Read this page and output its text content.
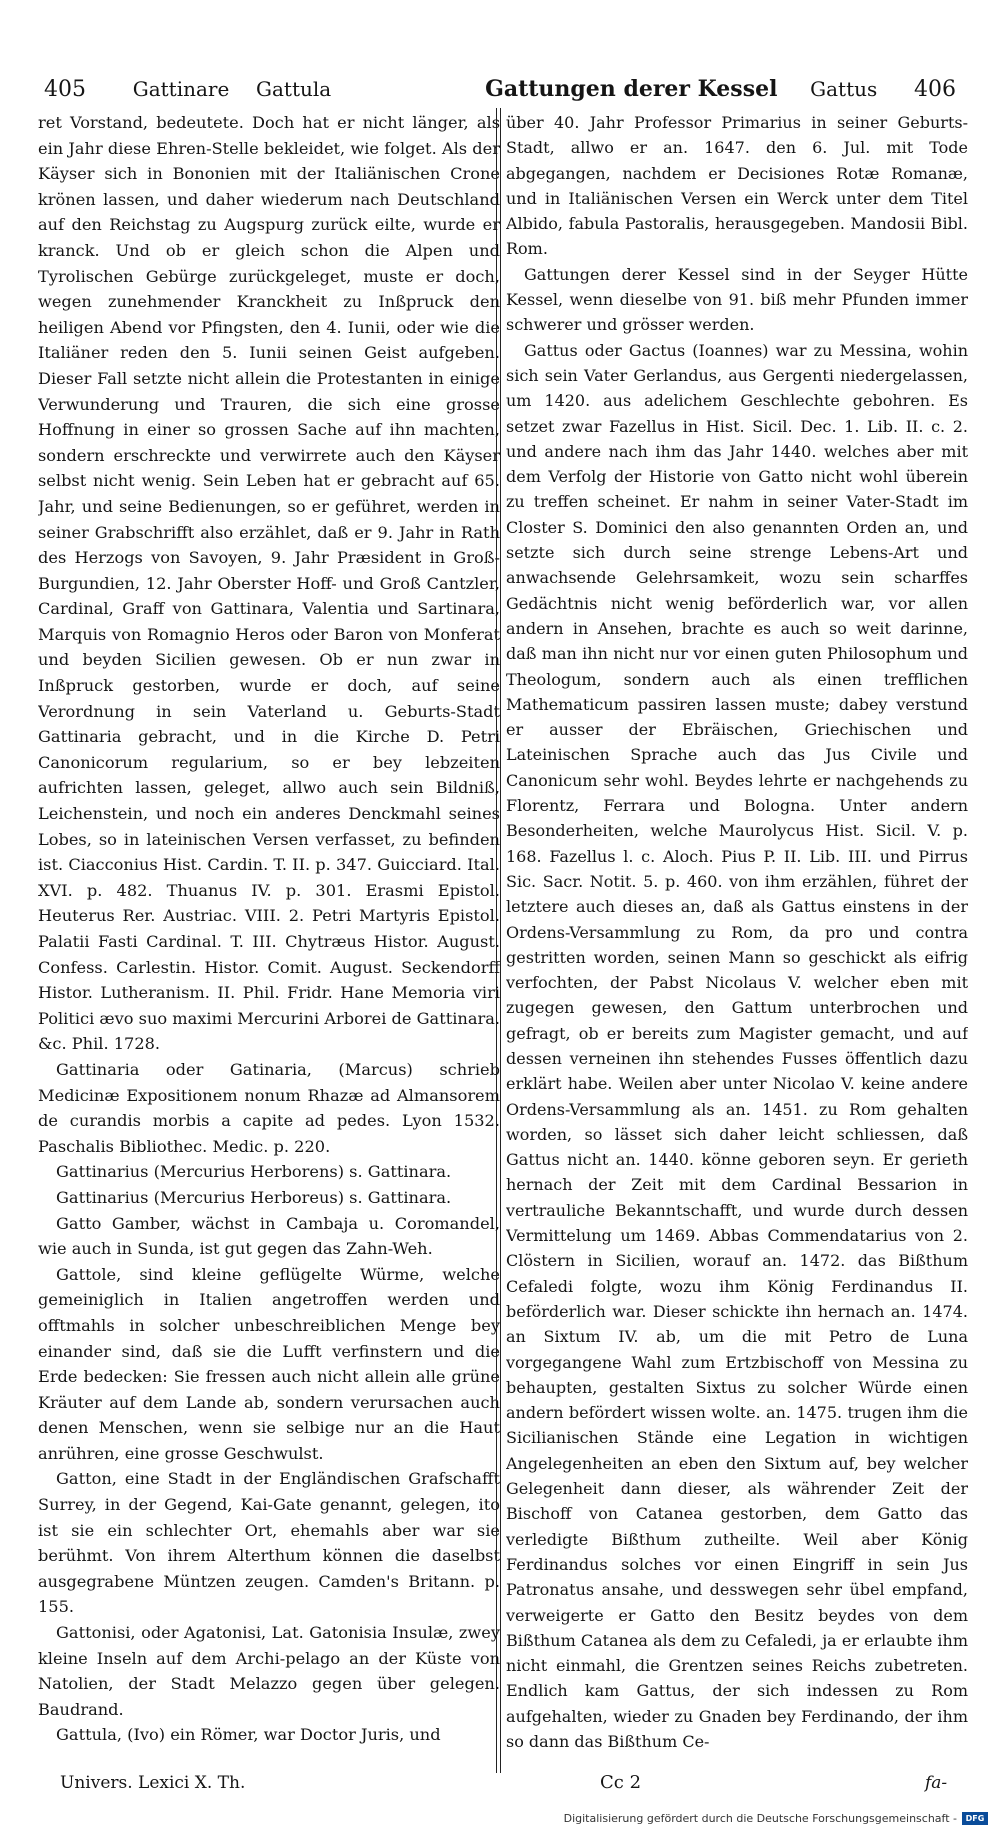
405 Gattinare Gattula	Gattungen derer Kessel Gattus 406

ret Vorstand, bedeutete. Doch hat er nicht länger, als ein Jahr diese Ehren-Stelle bekleidet, wie folget. Als der Käyser sich in Bononien mit der Italiänischen Crone krönen lassen, und daher wiederum nach Deutschland auf den Reichstag zu Augspurg zurück eilte, wurde er kranck. Und ob er gleich schon die Alpen und Tyrolischen Gebürge zurückgeleget, muste er doch, wegen zunehmender Kranckheit zu Inßpruck den heiligen Abend vor Pfingsten, den 4. Iunii, oder wie die Italiäner reden den 5. Iunii seinen Geist aufgeben. Dieser Fall setzte nicht allein die Protestanten in einige Verwunderung und Trauren, die sich eine grosse Hoffnung in einer so grossen Sache auf ihn machten, sondern erschreckte und verwirrete auch den Käyser selbst nicht wenig. Sein Leben hat er gebracht auf 65. Jahr, und seine Bedienungen, so er geführet, werden in seiner Grabschrifft also erzählet, daß er 9. Jahr in Rath des Herzogs von Savoyen, 9. Jahr Præsident in Groß-Burgundien, 12. Jahr Oberster Hoff- und Groß Cantzler, Cardinal, Graff von Gattinara, Valentia und Sartinara, Marquis von Romagnio Heros oder Baron von Monferat und beyden Sicilien gewesen. Ob er nun zwar in Inßpruck gestorben, wurde er doch, auf seine Verordnung in sein Vaterland u. Geburts-Stadt Gattinaria gebracht, und in die Kirche D. Petri Canonicorum regularium, so er bey lebzeiten aufrichten lassen, geleget, allwo auch sein Bildniß, Leichenstein, und noch ein anderes Denckmahl seines Lobes, so in lateinischen Versen verfasset, zu befinden ist. Ciacconius Hist. Cardin. T. II. p. 347. Guicciard. Ital. XVI. p. 482. Thuanus IV. p. 301. Erasmi Epistol. Heuterus Rer. Austriac. VIII. 2. Petri Martyris Epistol. Palatii Fasti Cardinal. T. III. Chytræus Histor. August. Confess. Carlestin. Histor. Comit. August. Seckendorff Histor. Lutheranism. II. Phil. Fridr. Hane Memoria viri Politici ævo suo maximi Mercurini Arborei de Gattinara. &c. Phil. 1728.

Gattinaria oder Gatinaria, (Marcus) schrieb Medicinæ Expositionem nonum Rhazæ ad Almansorem de curandis morbis a capite ad pedes. Lyon 1532. Paschalis Bibliothec. Medic. p. 220.

Gattinarius (Mercurius Herborens) s. Gattinara.

Gattinarius (Mercurius Herboreus) s. Gattinara.

Gatto Gamber, wächst in Cambaja u. Coromandel, wie auch in Sunda, ist gut gegen das Zahn-Weh.

Gattole, sind kleine geflügelte Würme, welche gemeiniglich in Italien angetroffen werden und offtmahls in solcher unbeschreiblichen Menge bey einander sind, daß sie die Lufft verfinstern und die Erde bedecken: Sie fressen auch nicht allein alle grüne Kräuter auf dem Lande ab, sondern verursachen auch denen Menschen, wenn sie selbige nur an die Haut anrühren, eine grosse Geschwulst.

Gatton, eine Stadt in der Engländischen Grafschafft Surrey, in der Gegend, Kai-Gate genannt, gelegen, ito ist sie ein schlechter Ort, ehemahls aber war sie berühmt. Von ihrem Alterthum können die daselbst ausgegrabene Müntzen zeugen. Camden's Britann. p. 155.

Gattonisi, oder Agatonisi, Lat. Gatonisia Insulæ, zwey kleine Inseln auf dem Archi-pelago an der Küste von Natolien, der Stadt Melazzo gegen über gelegen. Baudrand.

Gattula, (Ivo) ein Römer, war Doctor Juris, und

über 40. Jahr Professor Primarius in seiner Geburts-Stadt, allwo er an. 1647. den 6. Jul. mit Tode abgegangen, nachdem er Decisiones Rotæ Romanæ, und in Italiänischen Versen ein Werck unter dem Titel Albido, fabula Pastoralis, herausgegeben. Mandosii Bibl. Rom.

Gattungen derer Kessel sind in der Seyger Hütte Kessel, wenn dieselbe von 91. biß mehr Pfunden immer schwerer und grösser werden.

Gattus oder Gactus (Ioannes) war zu Messina, wohin sich sein Vater Gerlandus, aus Gergenti niedergelassen, um 1420. aus adelichem Geschlechte gebohren. Es setzet zwar Fazellus in Hist. Sicil. Dec. 1. Lib. II. c. 2. und andere nach ihm das Jahr 1440. welches aber mit dem Verfolg der Historie von Gatto nicht wohl überein zu treffen scheinet. Er nahm in seiner Vater-Stadt im Closter S. Dominici den also genannten Orden an, und setzte sich durch seine strenge Lebens-Art und anwachsende Gelehrsamkeit, wozu sein scharffes Gedächtnis nicht wenig beförderlich war, vor allen andern in Ansehen, brachte es auch so weit darinne, daß man ihn nicht nur vor einen guten Philosophum und Theologum, sondern auch als einen trefflichen Mathematicum passiren lassen muste; dabey verstund er ausser der Ebräischen, Griechischen und Lateinischen Sprache auch das Jus Civile und Canonicum sehr wohl. Beydes lehrte er nachgehends zu Florentz, Ferrara und Bologna. Unter andern Besonderheiten, welche Maurolycus Hist. Sicil. V. p. 168. Fazellus l. c. Aloch. Pius P. II. Lib. III. und Pirrus Sic. Sacr. Notit. 5. p. 460. von ihm erzählen, führet der letztere auch dieses an, daß als Gattus einstens in der Ordens-Versammlung zu Rom, da pro und contra gestritten worden, seinen Mann so geschickt als eifrig verfochten, der Pabst Nicolaus V. welcher eben mit zugegen gewesen, den Gattum unterbrochen und gefragt, ob er bereits zum Magister gemacht, und auf dessen verneinen ihn stehendes Fusses öffentlich dazu erklärt habe. Weilen aber unter Nicolao V. keine andere Ordens-Versammlung als an. 1451. zu Rom gehalten worden, so lässet sich daher leicht schliessen, daß Gattus nicht an. 1440. könne geboren seyn. Er gerieth hernach der Zeit mit dem Cardinal Bessarion in vertrauliche Bekanntschafft, und wurde durch dessen Vermittelung um 1469. Abbas Commendatarius von 2. Clöstern in Sicilien, worauf an. 1472. das Bißthum Cefaledi folgte, wozu ihm König Ferdinandus II. beförderlich war. Dieser schickte ihn hernach an. 1474. an Sixtum IV. ab, um die mit Petro de Luna vorgegangene Wahl zum Ertzbischoff von Messina zu behaupten, gestalten Sixtus zu solcher Würde einen andern befördert wissen wolte. an. 1475. trugen ihm die Sicilianischen Stände eine Legation in wichtigen Angelegenheiten an eben den Sixtum auf, bey welcher Gelegenheit dann dieser, als währender Zeit der Bischoff von Catanea gestorben, dem Gatto das verledigte Bißthum zutheilte. Weil aber König Ferdinandus solches vor einen Eingriff in sein Jus Patronatus ansahe, und desswegen sehr übel empfand, verweigerte er Gatto den Besitz beydes von dem Bißthum Catanea als dem zu Cefaledi, ja er erlaubte ihm nicht einmahl, die Grentzen seines Reichs zubetreten. Endlich kam Gattus, der sich indessen zu Rom aufgehalten, wieder zu Gnaden bey Ferdinando, der ihm so dann das Bißthum Ce-

Univers. Lexici X. Th.	Cc 2	fa-
Digitalisierung gefördert durch die Deutsche Forschungsgemeinschaft -	DFG
